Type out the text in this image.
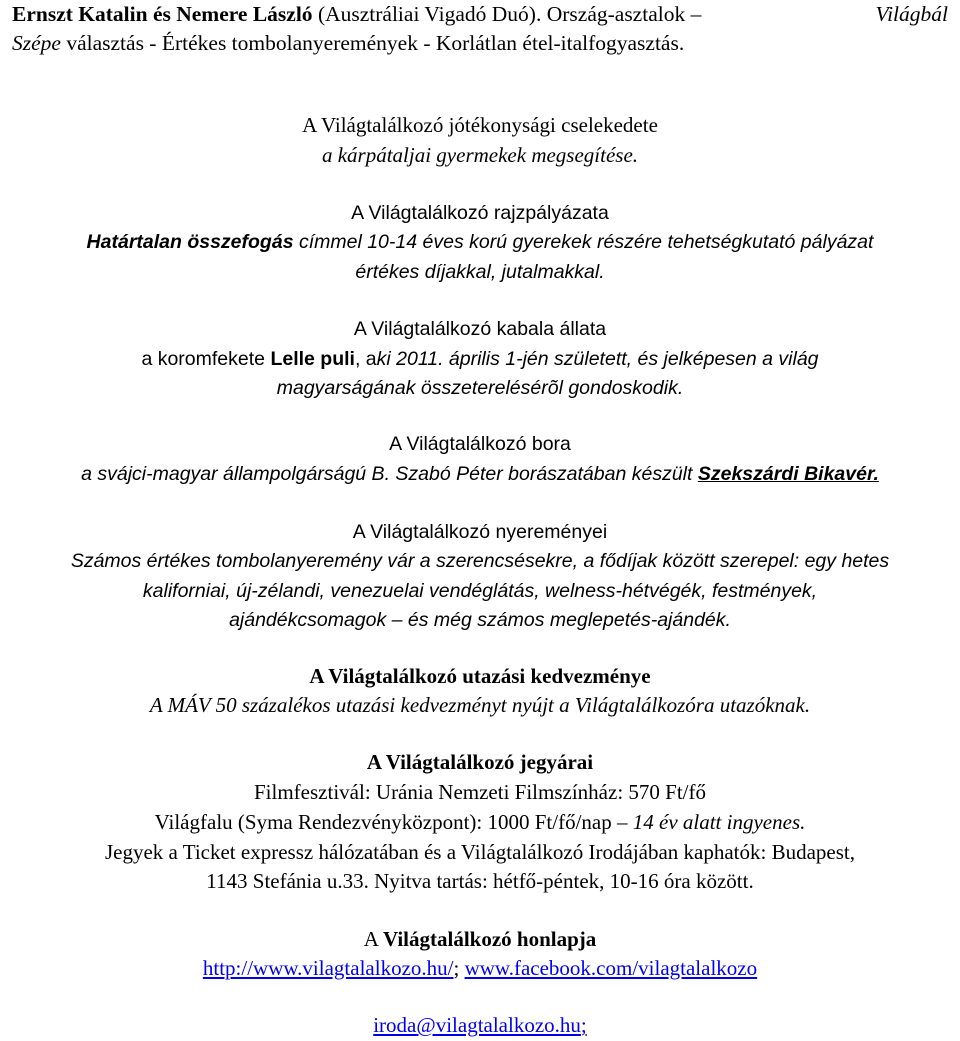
Ernszt Katalin és Nemere László (Ausztráliai Vigadó Duó). Ország-asztalok –	Világbál
Szépe választás - Értékes tombolanyeremények - Korlátlan étel-italfogyasztás.
A Világtalálkozó jótékonysági cselekedete
a kárpátaljai gyermekek megsegítése.
A Világtalálkozó rajzpályázata
Határtalan összefogás címmel 10-14 éves korú gyerekek részére tehetségkutató pályázat
értékes díjakkal, jutalmakkal.
A Világtalálkozó kabala állata
a koromfekete Lelle puli, aki 2011. április 1-jén született, és jelképesen a világ
magyarságának összeterelésérõl gondoskodik.
A Világtalálkozó bora
a svájci-magyar állampolgárságú B. Szabó Péter borászatában készült Szekszárdi Bikavér.
A Világtalálkozó nyereményei
Számos értékes tombolanyeremény vár a szerencsésekre, a fődíjak között szerepel: egy hetes
kaliforniai, új-zélandi, venezuelai vendéglátás, welness-hétvégék, festmények,
ajándékcsomagok – és még számos meglepetés-ajándék.
A Világtalálkozó utazási kedvezménye
A MÁV 50 százalékos utazási kedvezményt nyújt a Világtalálkozóra utazóknak.
A Világtalálkozó jegyárai
Filmfesztivál: Uránia Nemzeti Filmszínház: 570 Ft/fő
Világfalu (Syma Rendezvényközpont): 1000 Ft/fő/nap – 14 év alatt ingyenes.
Jegyek a Ticket expressz hálózatában és a Világtalálkozó Irodájában kaphatók: Budapest,
1143 Stefánia u.33. Nyitva tartás: hétfő-péntek, 10-16 óra között.
A Világtalálkozó honlapja
http://www.vilagtalalkozo.hu/; www.facebook.com/vilagtalalkozo
iroda@vilagtalalkozo.hu;
